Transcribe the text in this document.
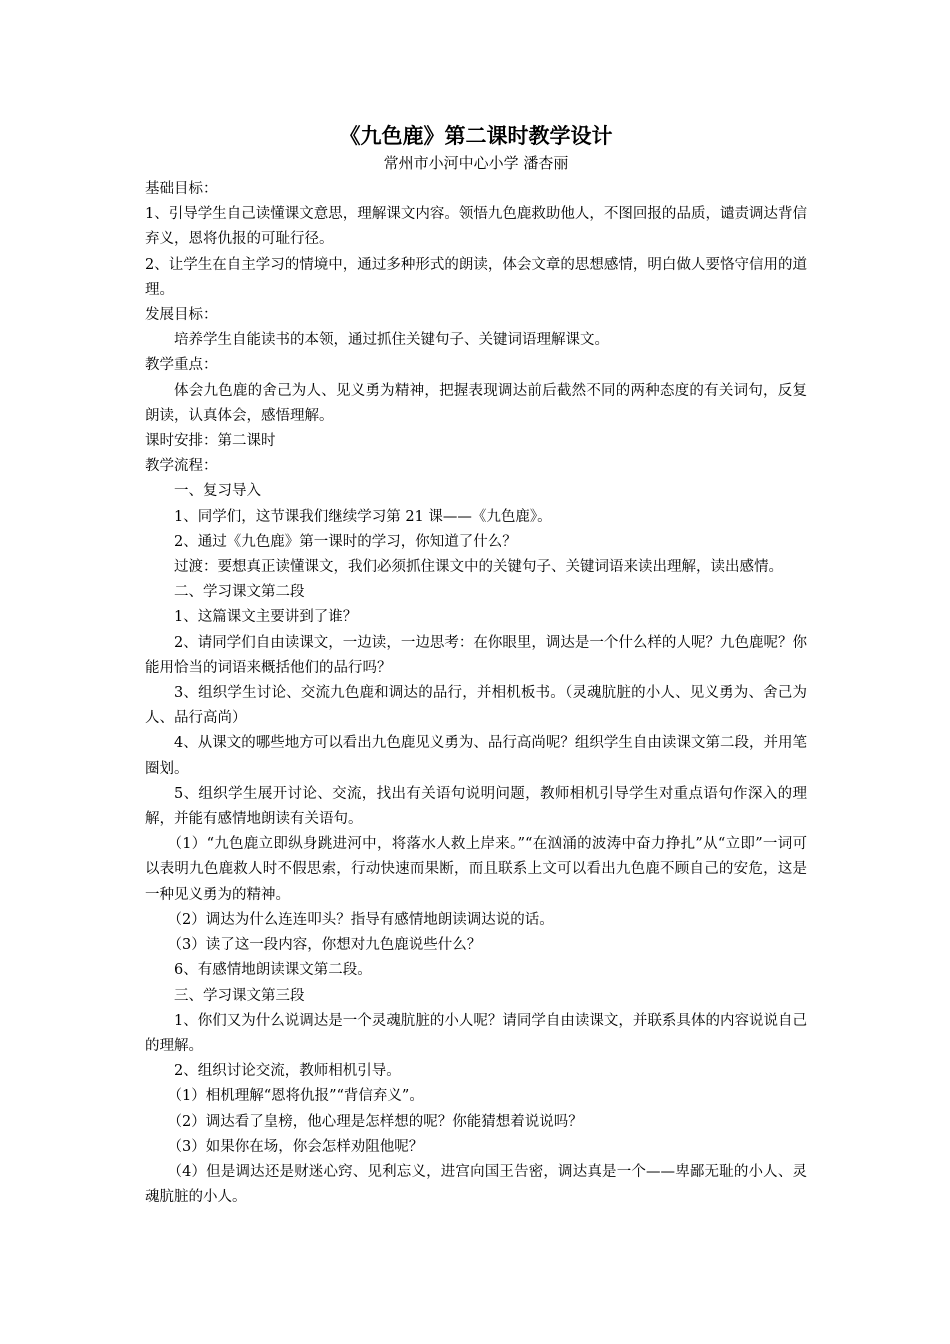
《九色鹿》第二课时教学设计

常州市小河中心小学 潘杏丽

基础目标：

1、引导学生自己读懂课文意思，理解课文内容。领悟九色鹿救助他人，不图回报的品质，谴责调达背信弃义，恩将仇报的可耻行径。

2、让学生在自主学习的情境中，通过多种形式的朗读，体会文章的思想感情，明白做人要恪守信用的道理。

发展目标：

培养学生自能读书的本领，通过抓住关键句子、关键词语理解课文。

教学重点：

体会九色鹿的舍己为人、见义勇为精神，把握表现调达前后截然不同的两种态度的有关词句，反复朗读，认真体会，感悟理解。

课时安排：第二课时

教学流程：

一、复习导入

1、同学们，这节课我们继续学习第 21 课——《九色鹿》。

2、通过《九色鹿》第一课时的学习，你知道了什么？

过渡：要想真正读懂课文，我们必须抓住课文中的关键句子、关键词语来读出理解，读出感情。

二、学习课文第二段

1、这篇课文主要讲到了谁？

2、请同学们自由读课文，一边读，一边思考：在你眼里，调达是一个什么样的人呢？九色鹿呢？你能用恰当的词语来概括他们的品行吗？

3、组织学生讨论、交流九色鹿和调达的品行，并相机板书。（灵魂肮脏的小人、见义勇为、舍己为人、品行高尚）

4、从课文的哪些地方可以看出九色鹿见义勇为、品行高尚呢？组织学生自由读课文第二段，并用笔圈划。

5、组织学生展开讨论、交流，找出有关语句说明问题，教师相机引导学生对重点语句作深入的理解，并能有感情地朗读有关语句。

（1）“九色鹿立即纵身跳进河中，将落水人救上岸来。”“在汹涌的波涛中奋力挣扎”从“立即”一词可以表明九色鹿救人时不假思索，行动快速而果断，而且联系上文可以看出九色鹿不顾自己的安危，这是一种见义勇为的精神。

（2）调达为什么连连叩头？指导有感情地朗读调达说的话。

（3）读了这一段内容，你想对九色鹿说些什么？

6、有感情地朗读课文第二段。

三、学习课文第三段

1、你们又为什么说调达是一个灵魂肮脏的小人呢？请同学自由读课文，并联系具体的内容说说自己的理解。

2、组织讨论交流，教师相机引导。

（1）相机理解“恩将仇报”“背信弃义”。

（2）调达看了皇榜，他心理是怎样想的呢？你能猜想着说说吗？

（3）如果你在场，你会怎样劝阻他呢？

（4）但是调达还是财迷心窍、见利忘义，进宫向国王告密，调达真是一个——卑鄙无耻的小人、灵魂肮脏的小人。
